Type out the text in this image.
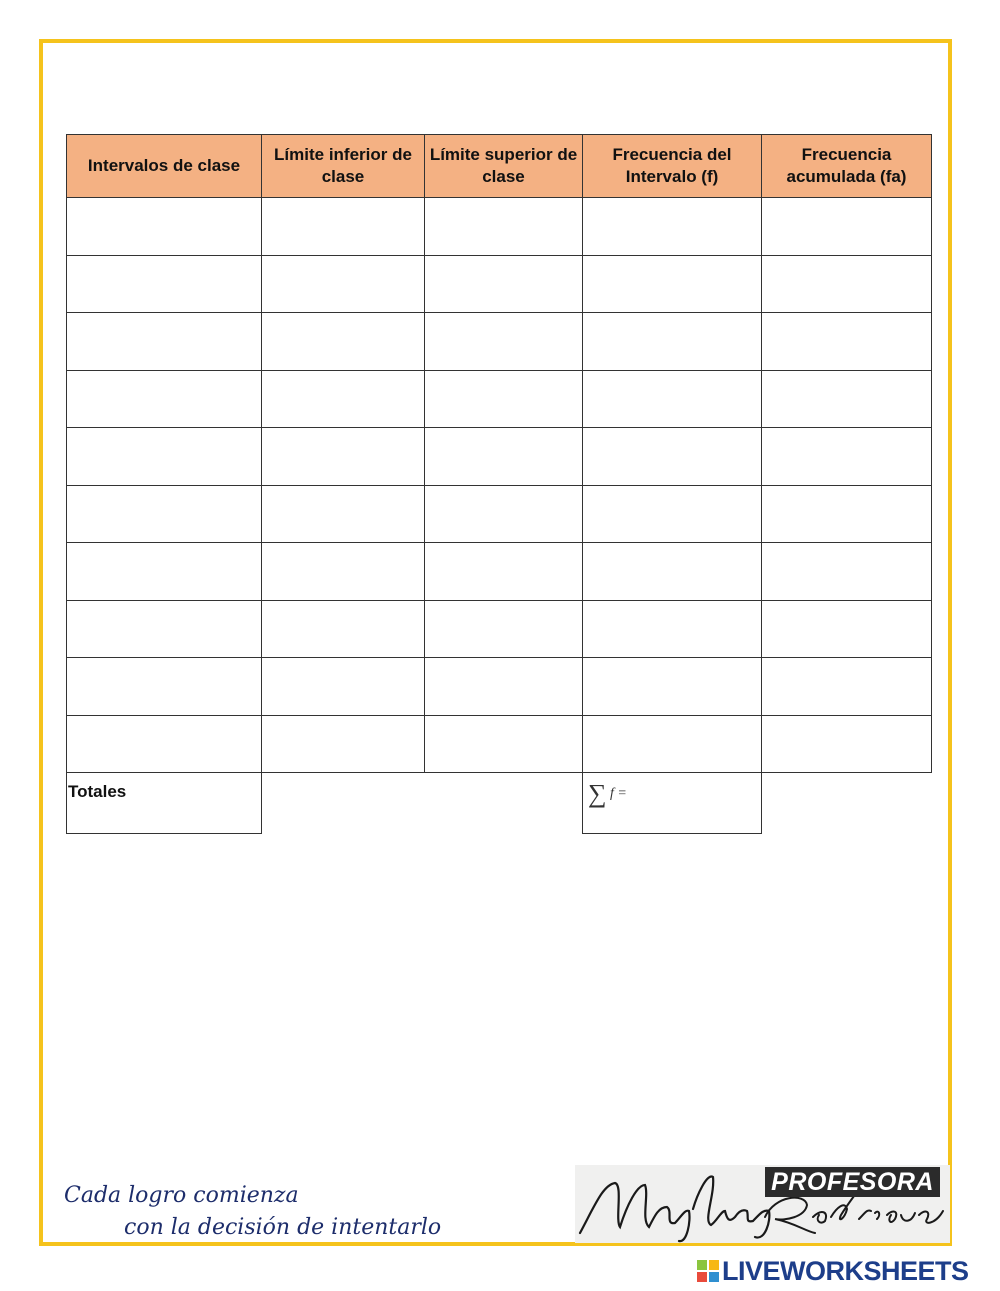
Intervalos de clase	Límite inferior de clase	Límite superior de clase	Frecuencia del Intervalo (f)	Frecuencia acumulada (fa)

Totales			∑ f =	

Cada logro comienza
con la decisión de intentarlo
PROFESORA
LIVEWORKSHEETS
